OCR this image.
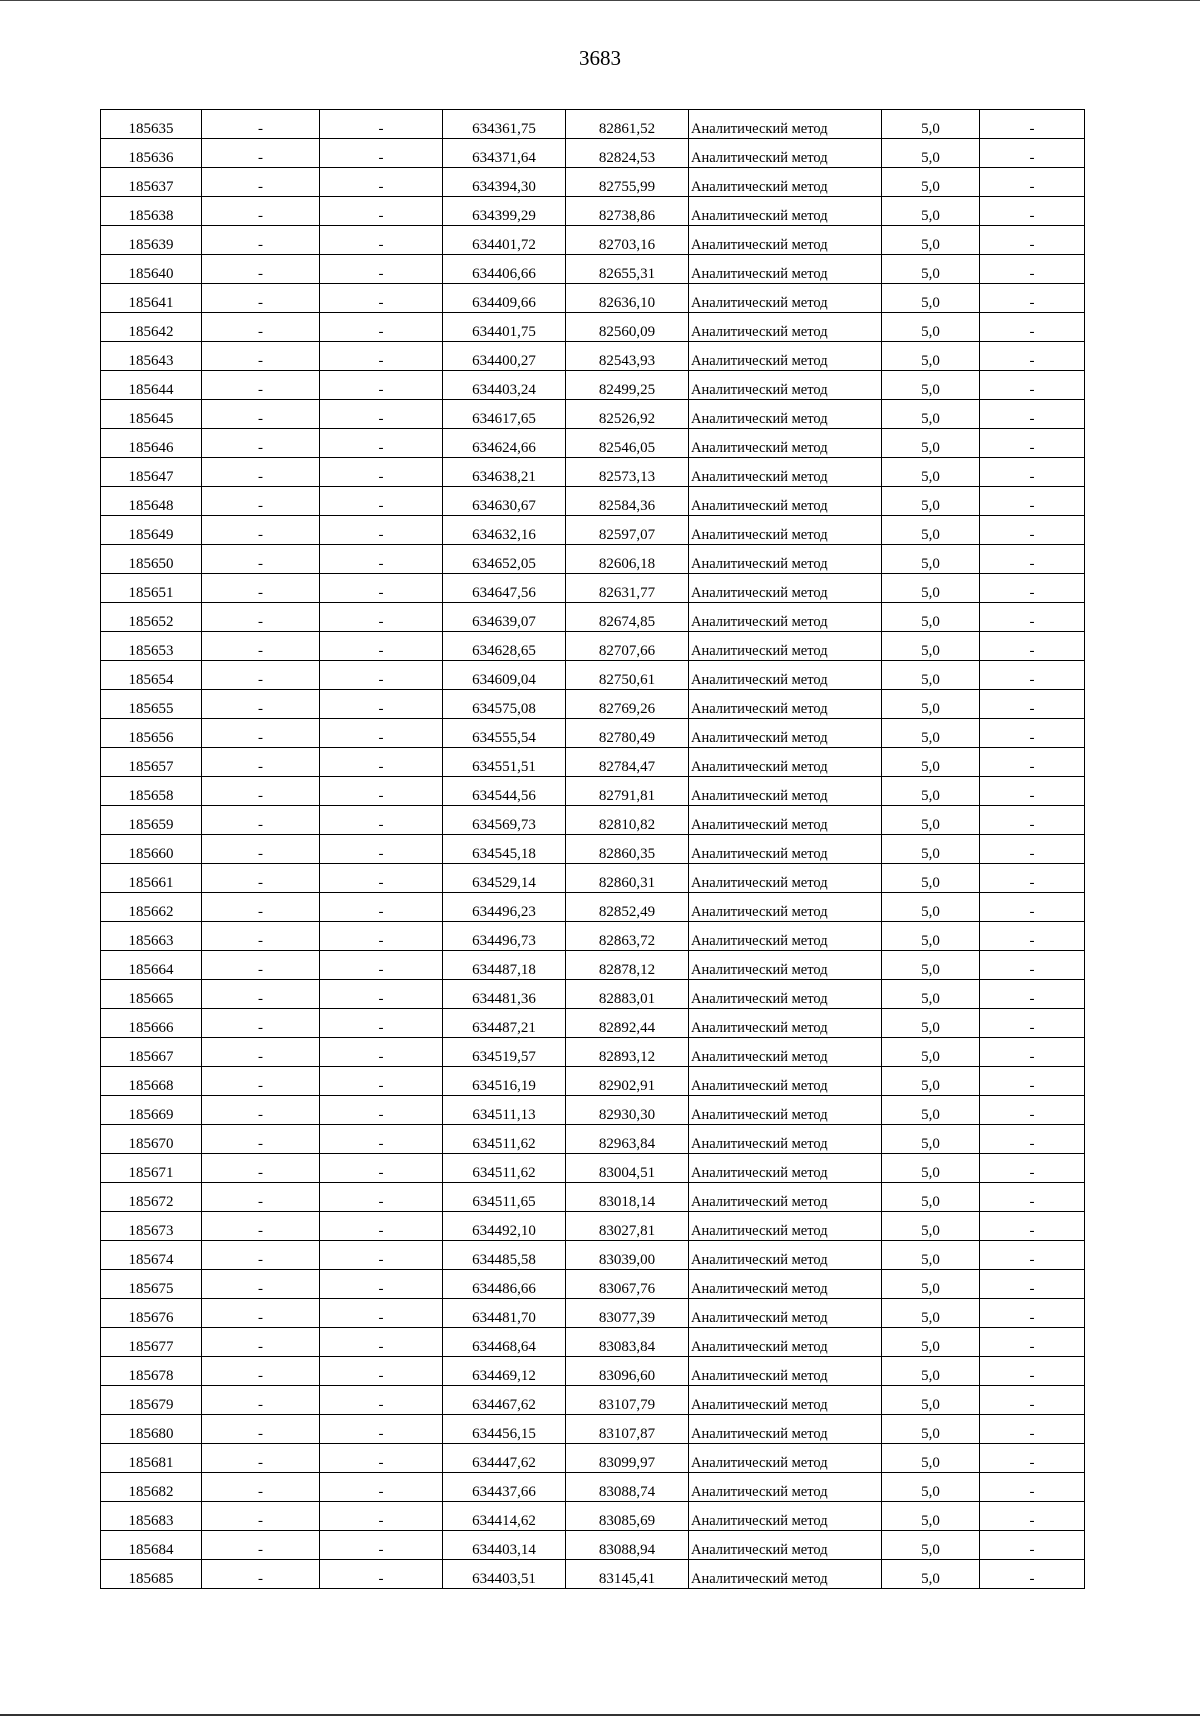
3683
185635	-	-	634361,75	82861,52	Аналитический метод	5,0	-
185636	-	-	634371,64	82824,53	Аналитический метод	5,0	-
185637	-	-	634394,30	82755,99	Аналитический метод	5,0	-
185638	-	-	634399,29	82738,86	Аналитический метод	5,0	-
185639	-	-	634401,72	82703,16	Аналитический метод	5,0	-
185640	-	-	634406,66	82655,31	Аналитический метод	5,0	-
185641	-	-	634409,66	82636,10	Аналитический метод	5,0	-
185642	-	-	634401,75	82560,09	Аналитический метод	5,0	-
185643	-	-	634400,27	82543,93	Аналитический метод	5,0	-
185644	-	-	634403,24	82499,25	Аналитический метод	5,0	-
185645	-	-	634617,65	82526,92	Аналитический метод	5,0	-
185646	-	-	634624,66	82546,05	Аналитический метод	5,0	-
185647	-	-	634638,21	82573,13	Аналитический метод	5,0	-
185648	-	-	634630,67	82584,36	Аналитический метод	5,0	-
185649	-	-	634632,16	82597,07	Аналитический метод	5,0	-
185650	-	-	634652,05	82606,18	Аналитический метод	5,0	-
185651	-	-	634647,56	82631,77	Аналитический метод	5,0	-
185652	-	-	634639,07	82674,85	Аналитический метод	5,0	-
185653	-	-	634628,65	82707,66	Аналитический метод	5,0	-
185654	-	-	634609,04	82750,61	Аналитический метод	5,0	-
185655	-	-	634575,08	82769,26	Аналитический метод	5,0	-
185656	-	-	634555,54	82780,49	Аналитический метод	5,0	-
185657	-	-	634551,51	82784,47	Аналитический метод	5,0	-
185658	-	-	634544,56	82791,81	Аналитический метод	5,0	-
185659	-	-	634569,73	82810,82	Аналитический метод	5,0	-
185660	-	-	634545,18	82860,35	Аналитический метод	5,0	-
185661	-	-	634529,14	82860,31	Аналитический метод	5,0	-
185662	-	-	634496,23	82852,49	Аналитический метод	5,0	-
185663	-	-	634496,73	82863,72	Аналитический метод	5,0	-
185664	-	-	634487,18	82878,12	Аналитический метод	5,0	-
185665	-	-	634481,36	82883,01	Аналитический метод	5,0	-
185666	-	-	634487,21	82892,44	Аналитический метод	5,0	-
185667	-	-	634519,57	82893,12	Аналитический метод	5,0	-
185668	-	-	634516,19	82902,91	Аналитический метод	5,0	-
185669	-	-	634511,13	82930,30	Аналитический метод	5,0	-
185670	-	-	634511,62	82963,84	Аналитический метод	5,0	-
185671	-	-	634511,62	83004,51	Аналитический метод	5,0	-
185672	-	-	634511,65	83018,14	Аналитический метод	5,0	-
185673	-	-	634492,10	83027,81	Аналитический метод	5,0	-
185674	-	-	634485,58	83039,00	Аналитический метод	5,0	-
185675	-	-	634486,66	83067,76	Аналитический метод	5,0	-
185676	-	-	634481,70	83077,39	Аналитический метод	5,0	-
185677	-	-	634468,64	83083,84	Аналитический метод	5,0	-
185678	-	-	634469,12	83096,60	Аналитический метод	5,0	-
185679	-	-	634467,62	83107,79	Аналитический метод	5,0	-
185680	-	-	634456,15	83107,87	Аналитический метод	5,0	-
185681	-	-	634447,62	83099,97	Аналитический метод	5,0	-
185682	-	-	634437,66	83088,74	Аналитический метод	5,0	-
185683	-	-	634414,62	83085,69	Аналитический метод	5,0	-
185684	-	-	634403,14	83088,94	Аналитический метод	5,0	-
185685	-	-	634403,51	83145,41	Аналитический метод	5,0	-
